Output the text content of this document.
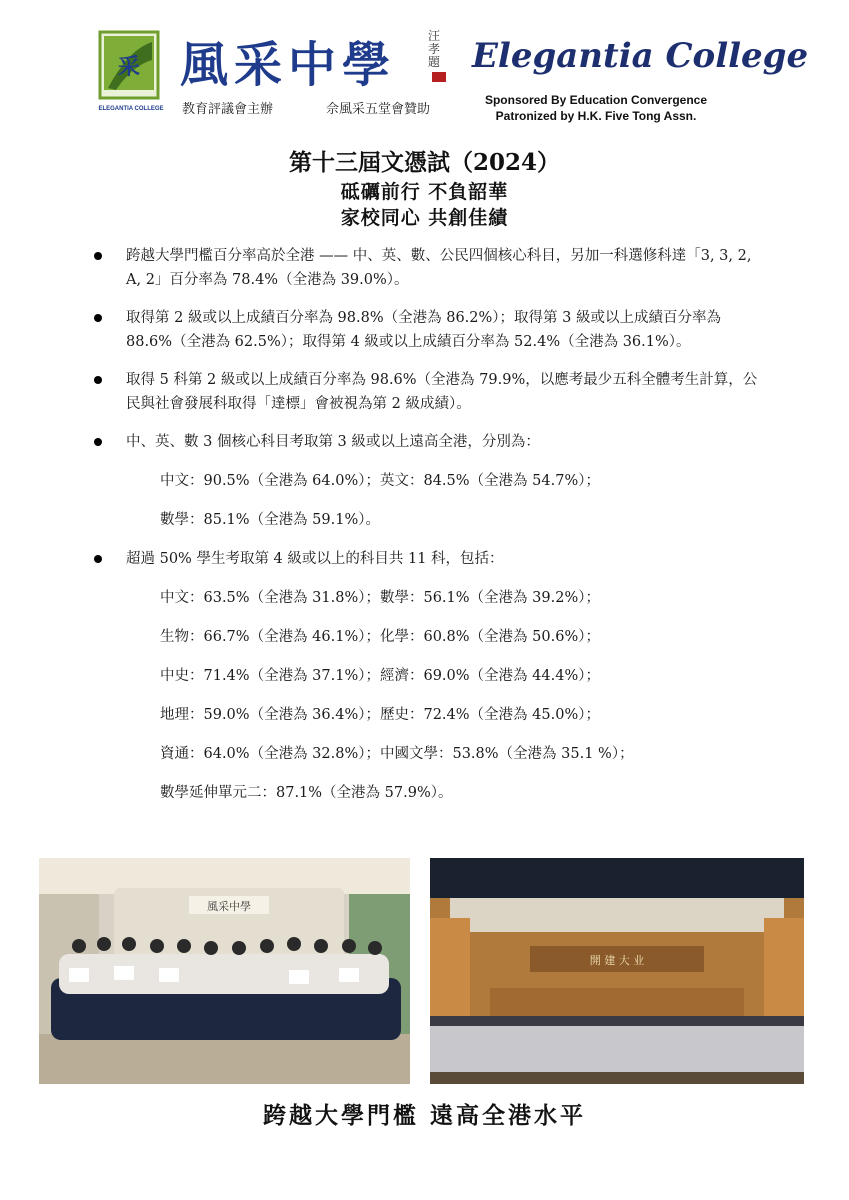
采
ELEGANTIA COLLEGE
風采中學
汪孝題 Elegantia College
教育評議會主辦	佘風采五堂會贊助
Sponsored By Education Convergence
Patronized by H.K. Five Tong Assn.
第十三屆文憑試（2024）
砥礪前行 不負韶華
家校同心 共創佳績

跨越大學門檻百分率高於全港 —— 中、英、數、公民四個核心科目，另加一科選修科達「3, 3, 2, A, 2」百分率為 78.4%（全港為 39.0%）。

取得第 2 級或以上成績百分率為 98.8%（全港為 86.2%）；取得第 3 級或以上成績百分率為 88.6%（全港為 62.5%）；取得第 4 級或以上成績百分率為 52.4%（全港為 36.1%）。

取得 5 科第 2 級或以上成績百分率為 98.6%（全港為 79.9%，以應考最少五科全體考生計算，公民與社會發展科取得「達標」會被視為第 2 級成績）。

中、英、數 3 個核心科目考取第 3 級或以上遠高全港，分別為：

中文：90.5%（全港為 64.0%）；英文：84.5%（全港為 54.7%）；

數學：85.1%（全港為 59.1%）。

超過 50% 學生考取第 4 級或以上的科目共 11 科，包括：

中文：63.5%（全港為 31.8%）；數學：56.1%（全港為 39.2%）；

生物：66.7%（全港為 46.1%）；化學：60.8%（全港為 50.6%）；

中史：71.4%（全港為 37.1%）；經濟：69.0%（全港為 44.4%）；

地理：59.0%（全港為 36.4%）；歷史：72.4%（全港為 45.0%）；

資通：64.0%（全港為 32.8%）；中國文學：53.8%（全港為 35.1 %）；

數學延伸單元二：87.1%（全港為 57.9%）。

風采中學
開 建 大 业
跨越大學門檻 遠高全港水平
